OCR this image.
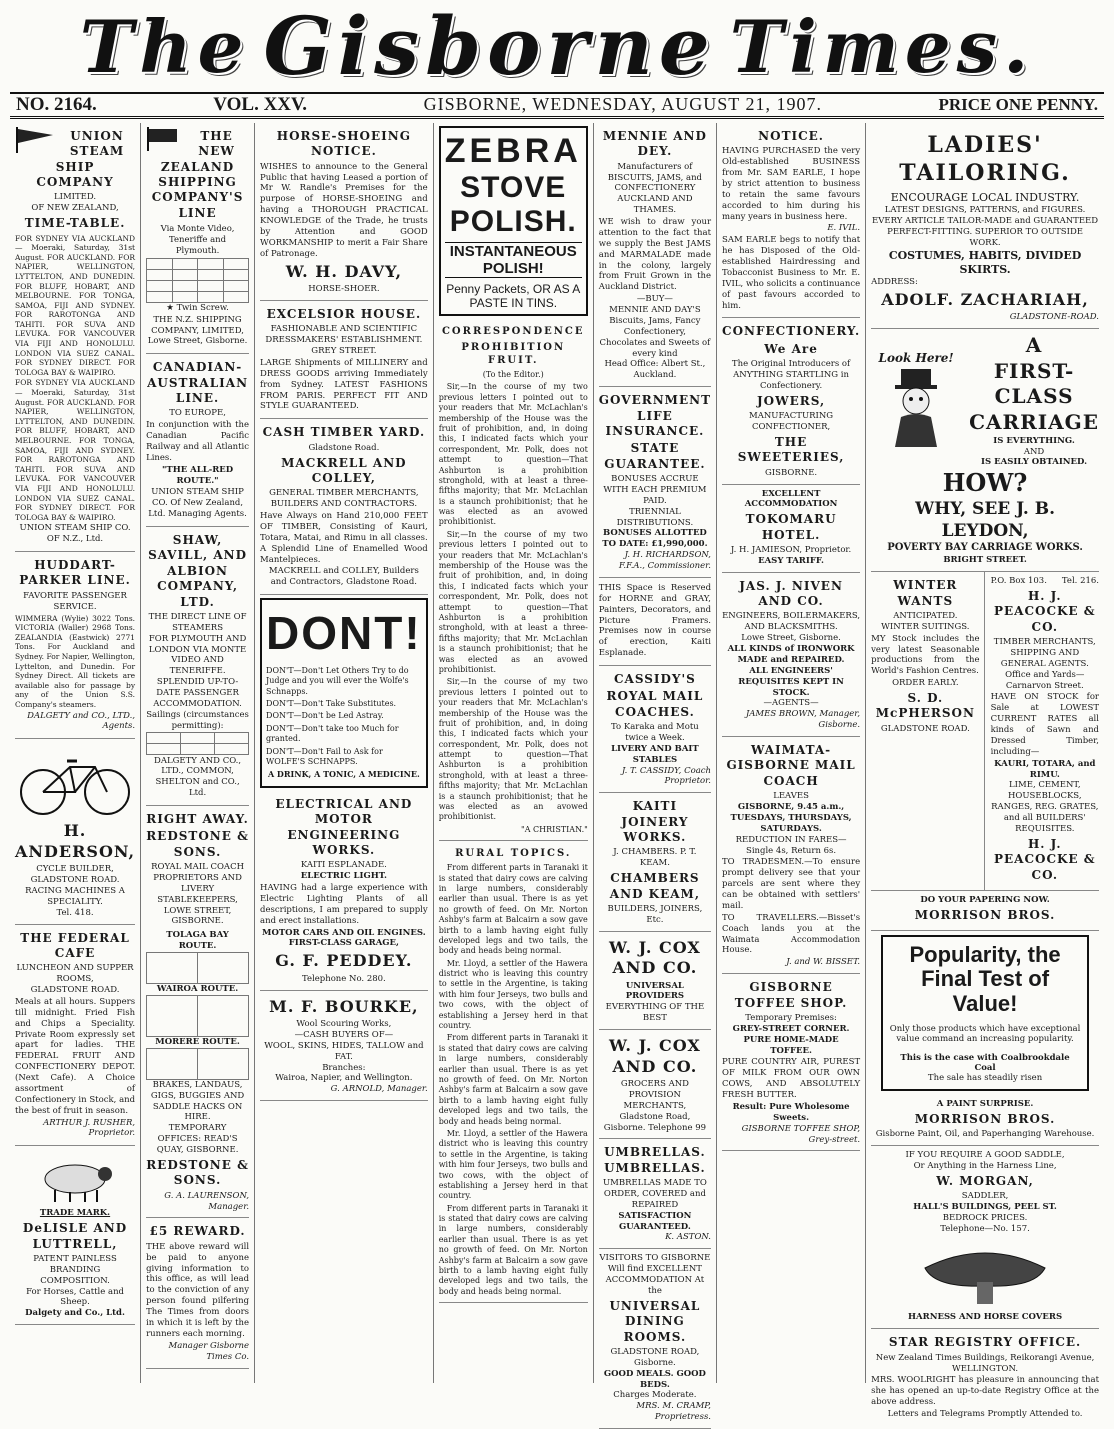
The Gisborne Times.
NO. 2164.	VOL. XXV.	GISBORNE, WEDNESDAY, AUGUST 21, 1907.	PRICE ONE PENNY.
UNION STEAM SHIP COMPANY
LIMITED.
OF NEW ZEALAND,
TIME-TABLE.

FOR SYDNEY VIA AUCKLAND — Moeraki, Saturday, 31st August. FOR AUCKLAND. FOR NAPIER, WELLINGTON, LYTTELTON, AND DUNEDIN. FOR BLUFF, HOBART, AND MELBOURNE. FOR TONGA, SAMOA, FIJI AND SYDNEY. FOR RAROTONGA AND TAHITI. FOR SUVA AND LEVUKA. FOR VANCOUVER VIA FIJI AND HONOLULU. LONDON VIA SUEZ CANAL. FOR SYDNEY DIRECT. FOR TOLOGA BAY & WAIPIRO.

FOR SYDNEY VIA AUCKLAND — Moeraki, Saturday, 31st August. FOR AUCKLAND. FOR NAPIER, WELLINGTON, LYTTELTON, AND DUNEDIN. FOR BLUFF, HOBART, AND MELBOURNE. FOR TONGA, SAMOA, FIJI AND SYDNEY. FOR RAROTONGA AND TAHITI. FOR SUVA AND LEVUKA. FOR VANCOUVER VIA FIJI AND HONOLULU. LONDON VIA SUEZ CANAL. FOR SYDNEY DIRECT. FOR TOLOGA BAY & WAIPIRO.

UNION STEAM SHIP CO. OF N.Z., Ltd.

HUDDART-PARKER LINE.
FAVORITE PASSENGER SERVICE.

WIMMERA (Wylie) 3022 Tons. VICTORIA (Waller) 2968 Tons. ZEALANDIA (Eastwick) 2771 Tons. For Auckland and Sydney. For Napier, Wellington, Lyttelton, and Dunedin. For Sydney Direct. All tickets are available also for passage by any of the Union S.S. Company's steamers.

DALGETY and CO., LTD., Agents.

H. ANDERSON,
CYCLE BUILDER,
GLADSTONE ROAD.
RACING MACHINES A SPECIALITY.
Tel. 418.
THE FEDERAL CAFE
LUNCHEON AND SUPPER ROOMS,
GLADSTONE ROAD.

Meals at all hours. Suppers till midnight. Fried Fish and Chips a Speciality. Private Room expressly set apart for ladies. THE FEDERAL FRUIT AND CONFECTIONERY DEPOT. (Next Cafe). A Choice assortment of Confectionery in Stock, and the best of fruit in season.

ARTHUR J. RUSHER, Proprietor.

TRADE MARK.
DeLISLE AND LUTTRELL,
PATENT PAINLESS BRANDING COMPOSITION.
For Horses, Cattle and Sheep.
Dalgety and Co., Ltd.
THE NEW ZEALAND SHIPPING COMPANY'S LINE

Via Monte Video, Teneriffe and Plymouth.

★ Twin Screw.

THE N.Z. SHIPPING COMPANY, LIMITED, Lowe Street, Gisborne.

CANADIAN-AUSTRALIAN LINE.
TO EUROPE,

In conjunction with the Canadian Pacific Railway and all Atlantic Lines.

"THE ALL-RED ROUTE."

UNION STEAM SHIP CO. Of New Zealand, Ltd. Managing Agents.

SHAW, SAVILL, AND ALBION COMPANY, LTD.
THE DIRECT LINE OF STEAMERS
FOR PLYMOUTH AND LONDON VIA MONTE VIDEO AND TENERIFFE.
SPLENDID UP-TO-DATE PASSENGER ACCOMMODATION.
Sailings (circumstances permitting):

DALGETY AND CO., LTD., COMMON, SHELTON and CO., Ltd.

RIGHT AWAY.
REDSTONE & SONS.
ROYAL MAIL COACH PROPRIETORS AND LIVERY STABLEKEEPERS,
LOWE STREET, GISBORNE.
TOLAGA BAY ROUTE.

WAIROA ROUTE.

MORERE ROUTE.

BRAKES, LANDAUS, GIGS, BUGGIES AND SADDLE HACKS ON HIRE.
TEMPORARY OFFICES: READ'S QUAY, GISBORNE.
REDSTONE & SONS.
G. A. LAURENSON, Manager.
£5 REWARD.

THE above reward will be paid to anyone giving information to this office, as will lead to the conviction of any person found pilfering The Times from doors in which it is left by the runners each morning.

Manager Gisborne Times Co.

HORSE-SHOEING NOTICE.

WISHES to announce to the General Public that having Leased a portion of Mr W. Randle's Premises for the purpose of HORSE-SHOEING and having a THOROUGH PRACTICAL KNOWLEDGE of the Trade, he trusts by Attention and GOOD WORKMANSHIP to merit a Fair Share of Patronage.

W. H. DAVY,
HORSE-SHOER.
EXCELSIOR HOUSE.
FASHIONABLE AND SCIENTIFIC DRESSMAKERS' ESTABLISHMENT.
GREY STREET.

LARGE Shipments of MILLINERY and DRESS GOODS arriving Immediately from Sydney. LATEST FASHIONS FROM PARIS. PERFECT FIT AND STYLE GUARANTEED.

CASH TIMBER YARD.
Gladstone Road.
MACKRELL AND COLLEY,
GENERAL TIMBER MERCHANTS, BUILDERS AND CONTRACTORS.

Have Always on Hand 210,000 FEET OF TIMBER, Consisting of Kauri, Totara, Matai, and Rimu in all classes. A Splendid Line of Enamelled Wood Mantelpieces.

MACKRELL and COLLEY, Builders and Contractors, Gladstone Road.

DONT!

DON'T—Don't Let Others Try to do Judge and you will ever the Wolfe's Schnapps.

DON'T—Don't Take Substitutes.

DON'T—Don't be Led Astray.

DON'T—Don't take too Much for granted.

DON'T—Don't Fail to Ask for WOLFE'S SCHNAPPS.

A DRINK, A TONIC, A MEDICINE.

ELECTRICAL AND MOTOR ENGINEERING WORKS.
KAITI ESPLANADE.
ELECTRIC LIGHT.

HAVING had a large experience with Electric Lighting Plants of all descriptions, I am prepared to supply and erect installations.

MOTOR CARS AND OIL ENGINES.
FIRST-CLASS GARAGE,
G. F. PEDDEY.
Telephone No. 280.
M. F. BOURKE,
Wool Scouring Works,
—CASH BUYERS OF—
WOOL, SKINS, HIDES, TALLOW and FAT.
Branches:
Wairoa, Napier, and Wellington.
G. ARNOLD, Manager.
ZEBRA
STOVE POLISH.
INSTANTANEOUS POLISH!
Penny Packets, OR AS A PASTE IN TINS.
CORRESPONDENCE
PROHIBITION FRUIT.
(To the Editor.)

Sir,—In the course of my two previous letters I pointed out to your readers that Mr. McLachlan's membership of the House was the fruit of prohibition, and, in doing this, I indicated facts which your correspondent, Mr. Polk, does not attempt to question—That Ashburton is a prohibition stronghold, with at least a three-fifths majority; that Mr. McLachlan is a staunch prohibitionist; that he was elected as an avowed prohibitionist.

Sir,—In the course of my two previous letters I pointed out to your readers that Mr. McLachlan's membership of the House was the fruit of prohibition, and, in doing this, I indicated facts which your correspondent, Mr. Polk, does not attempt to question—That Ashburton is a prohibition stronghold, with at least a three-fifths majority; that Mr. McLachlan is a staunch prohibitionist; that he was elected as an avowed prohibitionist.

Sir,—In the course of my two previous letters I pointed out to your readers that Mr. McLachlan's membership of the House was the fruit of prohibition, and, in doing this, I indicated facts which your correspondent, Mr. Polk, does not attempt to question—That Ashburton is a prohibition stronghold, with at least a three-fifths majority; that Mr. McLachlan is a staunch prohibitionist; that he was elected as an avowed prohibitionist.

"A CHRISTIAN."

RURAL TOPICS.

From different parts in Taranaki it is stated that dairy cows are calving in large numbers, considerably earlier than usual. There is as yet no growth of feed. On Mr. Norton Ashby's farm at Balcairn a sow gave birth to a lamb having eight fully developed legs and two tails, the body and heads being normal.

Mr. Lloyd, a settler of the Hawera district who is leaving this country to settle in the Argentine, is taking with him four Jerseys, two bulls and two cows, with the object of establishing a Jersey herd in that country.

From different parts in Taranaki it is stated that dairy cows are calving in large numbers, considerably earlier than usual. There is as yet no growth of feed. On Mr. Norton Ashby's farm at Balcairn a sow gave birth to a lamb having eight fully developed legs and two tails, the body and heads being normal.

Mr. Lloyd, a settler of the Hawera district who is leaving this country to settle in the Argentine, is taking with him four Jerseys, two bulls and two cows, with the object of establishing a Jersey herd in that country.

From different parts in Taranaki it is stated that dairy cows are calving in large numbers, considerably earlier than usual. There is as yet no growth of feed. On Mr. Norton Ashby's farm at Balcairn a sow gave birth to a lamb having eight fully developed legs and two tails, the body and heads being normal.

MENNIE AND DEY.
Manufacturers of BISCUITS, JAMS, and CONFECTIONERY
AUCKLAND AND THAMES.

WE wish to draw your attention to the fact that we supply the Best JAMS and MARMALADE made in the colony, largely from Fruit Grown in the Auckland District.

—BUY—
MENNIE AND DAY'S
Biscuits, Jams, Fancy Confectionery, Chocolates and Sweets of every kind
Head Office: Albert St., Auckland.
GOVERNMENT LIFE INSURANCE.
STATE GUARANTEE.
BONUSES ACCRUE WITH EACH PREMIUM PAID.
TRIENNIAL DISTRIBUTIONS.
BONUSES ALLOTTED TO DATE: £1,990,000.
J. H. RICHARDSON, F.F.A., Commissioner.

THIS Space is Reserved for HORNE and GRAY, Painters, Decorators, and Picture Framers. Premises now in course of erection, Kaiti Esplanade.

CASSIDY'S
ROYAL MAIL COACHES.
To Karaka and Motu twice a Week.
LIVERY AND BAIT STABLES
J. T. CASSIDY, Coach Proprietor.
KAITI JOINERY WORKS.
J. CHAMBERS. P. T. KEAM.
CHAMBERS AND KEAM,
BUILDERS, JOINERS, Etc.
W. J. COX AND CO.
UNIVERSAL PROVIDERS
EVERYTHING OF THE BEST
W. J. COX AND CO.
GROCERS AND PROVISION MERCHANTS,
Gladstone Road, Gisborne. Telephone 99
UMBRELLAS. UMBRELLAS.
UMBRELLAS MADE TO ORDER, COVERED and REPAIRED
SATISFACTION GUARANTEED.
K. ASTON.
VISITORS TO GISBORNE Will find EXCELLENT ACCOMMODATION At the
UNIVERSAL DINING ROOMS.
GLADSTONE ROAD, Gisborne.
GOOD MEALS. GOOD BEDS.
Charges Moderate.
MRS. M. CRAMP, Proprietress.
NOTICE.

HAVING PURCHASED the very Old-established BUSINESS from Mr. SAM EARLE, I hope by strict attention to business to retain the same favours accorded to him during his many years in business here.

E. IVIL.

SAM EARLE begs to notify that he has Disposed of the Old-established Hairdressing and Tobacconist Business to Mr. E. IVIL, who solicits a continuance of past favours accorded to him.

CONFECTIONERY.
We Are
The Original Introducers of ANYTHING STARTLING in Confectionery.
JOWERS,
MANUFACTURING CONFECTIONER,
THE SWEETERIES,
GISBORNE.
EXCELLENT ACCOMMODATION
TOKOMARU HOTEL.
J. H. JAMIESON, Proprietor.
EASY TARIFF.
JAS. J. NIVEN AND CO.
ENGINEERS, BOILERMAKERS, AND BLACKSMITHS.
Lowe Street, Gisborne.
ALL KINDS of IRONWORK MADE and REPAIRED.
ALL ENGINEERS' REQUISITES KEPT IN STOCK.
—AGENTS—
JAMES BROWN, Manager, Gisborne.
WAIMATA-GISBORNE MAIL COACH
LEAVES
GISBORNE, 9.45 a.m., TUESDAYS, THURSDAYS, SATURDAYS.
REDUCTION IN FARES—Single 4s, Return 6s.

TO TRADESMEN.—To ensure prompt delivery see that your parcels are sent where they can be obtained with settlers' mail.

TO TRAVELLERS.—Bisset's Coach lands you at the Waimata Accommodation House.

J. and W. BISSET.
GISBORNE TOFFEE SHOP.
Temporary Premises:
GREY-STREET CORNER.
PURE HOME-MADE TOFFEE.

PURE COUNTRY AIR, PUREST OF MILK FROM OUR OWN COWS, AND ABSOLUTELY FRESH BUTTER.

Result: Pure Wholesome Sweets.
GISBORNE TOFFEE SHOP, Grey-street.
LADIES' TAILORING.
ENCOURAGE LOCAL INDUSTRY.
LATEST DESIGNS, PATTERNS, and FIGURES.
EVERY ARTICLE TAILOR-MADE and GUARANTEED PERFECT-FITTING. SUPERIOR TO OUTSIDE WORK.
COSTUMES, HABITS, DIVIDED SKIRTS.
ADDRESS:
ADOLF. ZACHARIAH,
GLADSTONE-ROAD.
Look Here!
A
FIRST-CLASS
CARRIAGE
IS EVERYTHING.
AND
IS EASILY OBTAINED.
HOW?
WHY, SEE J. B. LEYDON,
POVERTY BAY CARRIAGE WORKS.
BRIGHT STREET.
WINTER WANTS
ANTICIPATED.
WINTER SUITINGS.

MY Stock includes the very latest Seasonable productions from the World's Fashion Centres.

ORDER EARLY.
S. D. McPHERSON
GLADSTONE ROAD.
P.O. Box 103. Tel. 216.
H. J. PEACOCKE & CO.
TIMBER MERCHANTS, SHIPPING AND GENERAL AGENTS.
Office and Yards—Carnarvon Street.

HAVE ON STOCK for Sale at LOWEST CURRENT RATES all kinds of Sawn and Dressed Timber, including—

KAURI, TOTARA, and RIMU.
LIME, CEMENT, HOUSEBLOCKS, RANGES, REG. GRATES, and all BUILDERS' REQUISITES.
H. J. PEACOCKE & CO.
DO YOUR PAPERING NOW.
MORRISON BROS.
Popularity, the Final Test of Value!

Only those products which have exceptional value command an increasing popularity.

This is the case with Coalbrookdale Coal
The sale has steadily risen
A PAINT SURPRISE.
MORRISON BROS.
Gisborne Paint, Oil, and Paperhanging Warehouse.
IF YOU REQUIRE A GOOD SADDLE,
Or Anything in the Harness Line,
W. MORGAN,
SADDLER,
HALL'S BUILDINGS, PEEL ST.
BEDROCK PRICES.
Telephone—No. 157.
HARNESS AND HORSE COVERS
STAR REGISTRY OFFICE.
New Zealand Times Buildings, Reikorangi Avenue, WELLINGTON.

MRS. WOOLRIGHT has pleasure in announcing that she has opened an up-to-date Registry Office at the above address.

Letters and Telegrams Promptly Attended to.
